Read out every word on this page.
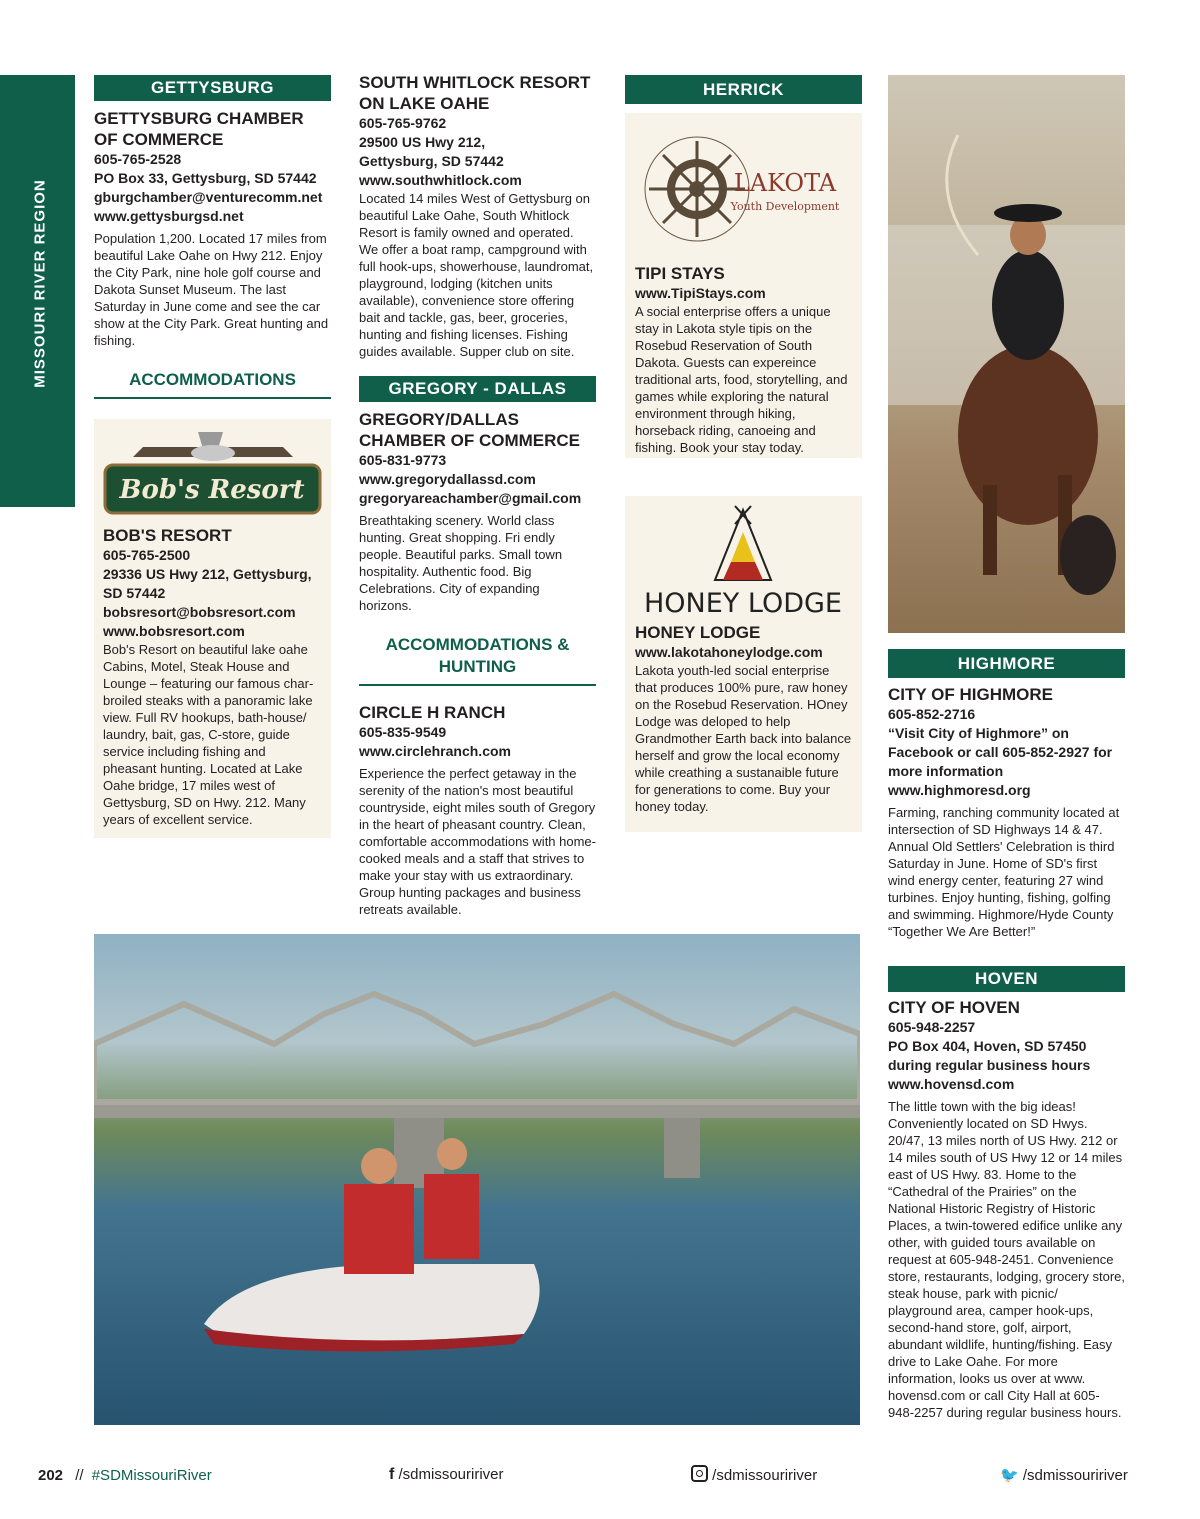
MISSOURI RIVER REGION
GETTYSBURG

GETTYSBURG CHAMBER OF COMMERCE

605-765-2528

PO Box 33, Gettysburg, SD 57442

gburgchamber@venturecomm.net

www.gettysburgsd.net

Population 1,200. Located 17 miles from beautiful Lake Oahe on Hwy 212. Enjoy the City Park, nine hole golf course and Dakota Sunset Museum. The last Saturday in June come and see the car show at the City Park. Great hunting and fishing.

ACCOMMODATIONS
Bob's Resort

BOB'S RESORT

605-765-2500

29336 US Hwy 212, Gettysburg, SD 57442

bobsresort@bobsresort.com

www.bobsresort.com

Bob's Resort on beautiful lake oahe Cabins, Motel, Steak House and Lounge – featuring our famous char-broiled steaks with a panoramic lake view. Full RV hookups, bath-house/ laundry, bait, gas, C-store, guide service including fishing and pheasant hunting. Located at Lake Oahe bridge, 17 miles west of Gettysburg, SD on Hwy. 212. Many years of excellent service.

SOUTH WHITLOCK RESORT ON LAKE OAHE

605-765-9762

29500 US Hwy 212,

Gettysburg, SD 57442

www.southwhitlock.com

Located 14 miles West of Gettysburg on beautiful Lake Oahe, South Whitlock Resort is family owned and operated. We offer a boat ramp, campground with full hook-ups, showerhouse, laundromat, playground, lodging (kitchen units available), convenience store offering bait and tackle, gas, beer, groceries, hunting and fishing licenses. Fishing guides available. Supper club on site.

GREGORY - DALLAS

GREGORY/DALLAS CHAMBER OF COMMERCE

605-831-9773

www.gregorydallassd.com

gregoryareachamber@gmail.com

Breathtaking scenery. World class hunting. Great shopping. Fri endly people. Beautiful parks. Small town hospitality. Authentic food. Big Celebrations. City of expanding horizons.

ACCOMMODATIONS & HUNTING

CIRCLE H RANCH

605-835-9549

www.circlehranch.com

Experience the perfect getaway in the serenity of the nation's most beautiful countryside, eight miles south of Gregory in the heart of pheasant country. Clean, comfortable accommodations with home-cooked meals and a staff that strives to make your stay with us extraordinary. Group hunting packages and business retreats available.

HERRICK
LAKOTA
Youth Development

TIPI STAYS

www.TipiStays.com

A social enterprise offers a unique stay in Lakota style tipis on the Rosebud Reservation of South Dakota. Guests can expereince traditional arts, food, storytelling, and games while exploring the natural environment through hiking, horseback riding, canoeing and fishing. Book your stay today.

HONEY LODGE

HONEY LODGE

www.lakotahoneylodge.com

Lakota youth-led social enterprise that produces 100% pure, raw honey on the Rosebud Reservation. HOney Lodge was deloped to help Grandmother Earth back into balance herself and grow the local economy while creathing a sustanaible future for generations to come. Buy your honey today.

HIGHMORE

CITY OF HIGHMORE

605-852-2716

“Visit City of Highmore” on Facebook or call 605-852-2927 for more information

www.highmoresd.org

Farming, ranching community located at intersection of SD Highways 14 & 47. Annual Old Settlers' Celebration is third Saturday in June. Home of SD's first wind energy center, featuring 27 wind turbines. Enjoy hunting, fishing, golfing and swimming. Highmore/Hyde County “Together We Are Better!”

HOVEN

CITY OF HOVEN

605-948-2257

PO Box 404, Hoven, SD 57450

during regular business hours

www.hovensd.com

The little town with the big ideas! Conveniently located on SD Hwys. 20/47, 13 miles north of US Hwy. 212 or 14 miles south of US Hwy 12 or 14 miles east of US Hwy. 83. Home to the “Cathedral of the Prairies” on the National Historic Registry of Historic Places, a twin-towered edifice unlike any other, with guided tours available on request at 605-948-2451. Convenience store, restaurants, lodging, grocery store, steak house, park with picnic/ playground area, camper hook-ups, second-hand store, golf, airport, abundant wildlife, hunting/fishing. Easy drive to Lake Oahe. For more information, looks us over at www. hovensd.com or call City Hall at 605-948-2257 during regular business hours.

202 // #SDMissouriRiver	f /sdmissouririver	/sdmissouririver	🐦 /sdmissouririver
